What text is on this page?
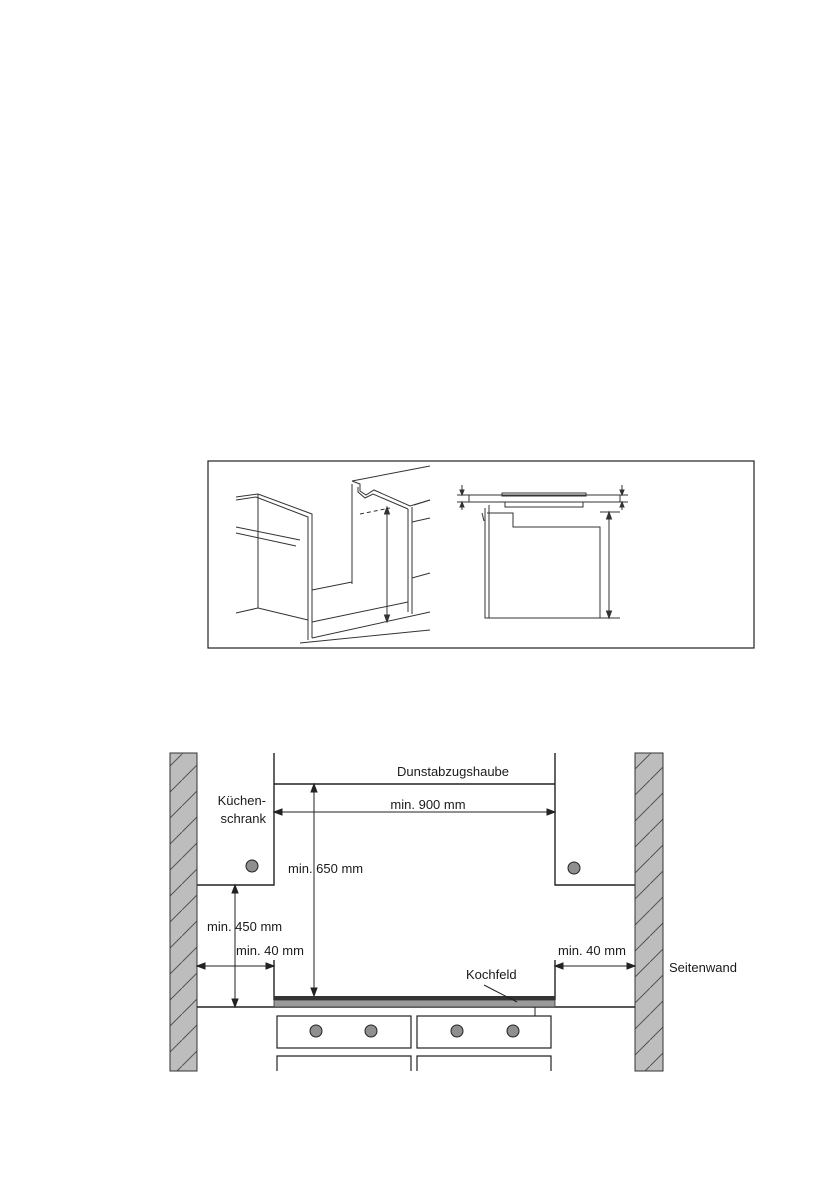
Dunstabzugshaube
min. 900 mm
Küchen-
schrank
min. 650 mm
min. 450 mm
min. 40 mm	min. 40 mm
Kochfeld	Seitenwand
